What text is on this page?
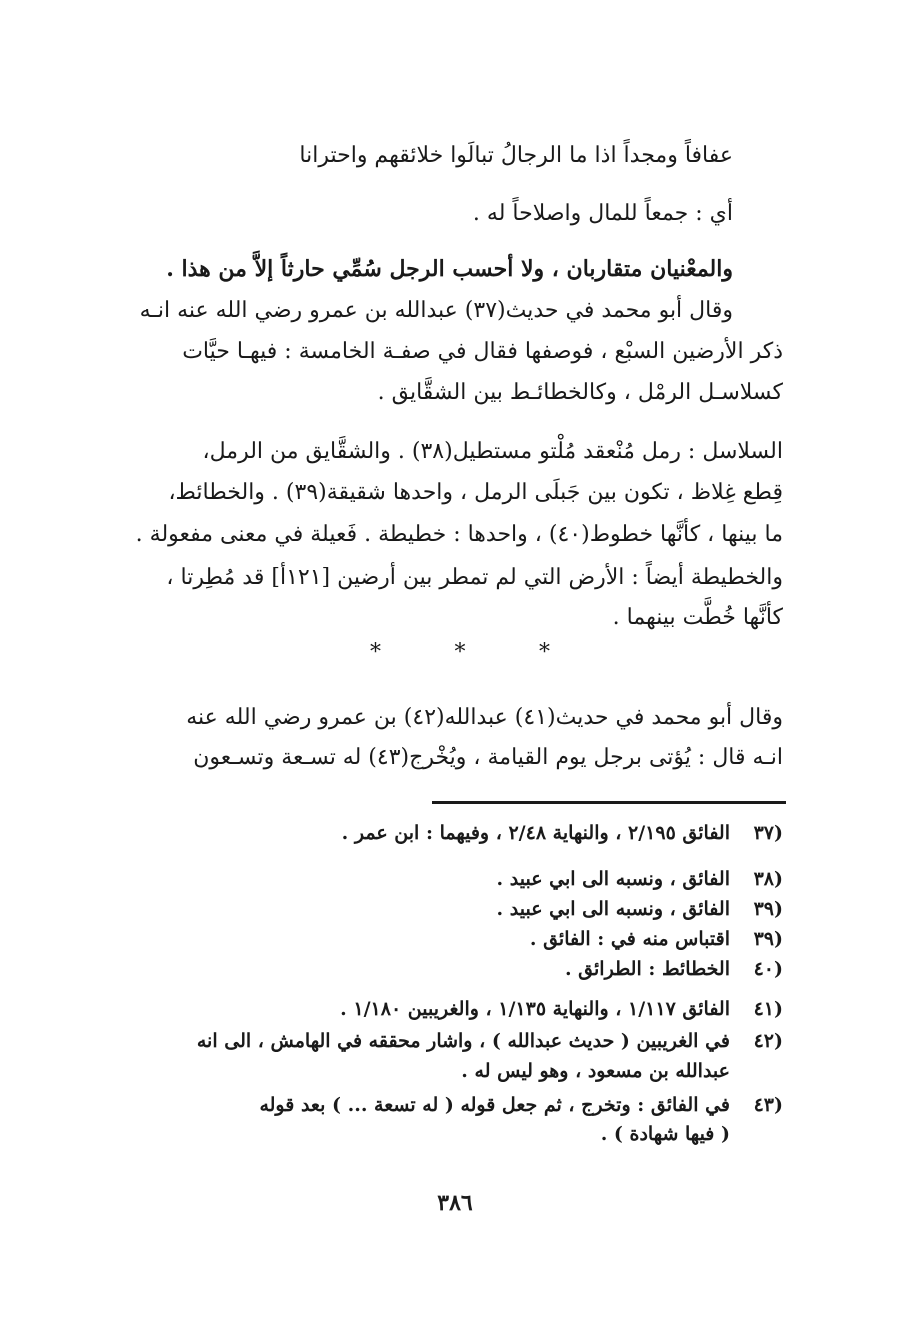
عفافاً ومجداً اذا ما الرجالُ تبالَوا خلائقهم واحترانا
أي : جمعاً للمال واصلاحاً له .
والمعْنيان متقاربان ، ولا أحسب الرجل سُمِّي حارثاً إلاَّ من هذا .
وقال أبو محمد في حديث(٣٧) عبدالله بن عمرو رضي الله عنه انـه
ذكر الأرضين السبْع ، فوصفها فقال في صفـة الخامسة : فيهـا حيَّات
كسلاسـل الرمْل ، وكالخطائـط بين الشقَّايق .
السلاسل : رمل مُنْعقد مُلْتو مستطيل(٣٨) . والشقَّايق من الرمل،
قِطع غِلاظ ، تكون بين جَبلَى الرمل ، واحدها شقيقة(٣٩) . والخطائط،
ما بينها ، كأنَّها خطوط(٤٠) ، واحدها : خطيطة . فَعيلة في معنى مفعولة .
والخطيطة أيضاً : الأرض التي لم تمطر بين أرضين [١٢١أ] قد مُطِرتا ،
كأنَّها خُطَّت بينهما .
*
*
*
وقال أبو محمد في حديث(٤١) عبدالله(٤٢) بن عمرو رضي الله عنه
انـه قال : يُؤتى برجل يوم القيامة ، ويُخْرج(٤٣) له تسـعة وتسـعون
(٣٧
الفائق ٢/١٩٥ ، والنهاية ٢/٤٨ ، وفيهما : ابن عمر .
(٣٨
الفائق ، ونسبه الى ابي عبيد .
(٣٩
الفائق ، ونسبه الى ابي عبيد .
(٣٩
اقتباس منه في : الفائق .
(٤٠
الخطائط : الطرائق .
(٤١
الفائق ١/١١٧ ، والنهاية ١/١٣٥ ، والغريبين ١/١٨٠ .
(٤٢
في الغريبين ( حديث عبدالله ) ، واشار محققه في الهامش ، الى انه
عبدالله بن مسعود ، وهو ليس له .
(٤٣
في الفائق : وتخرج ، ثم جعل قوله ( له تسعة ... ) بعد قوله
( فيها شهادة ) .
٣٨٦
